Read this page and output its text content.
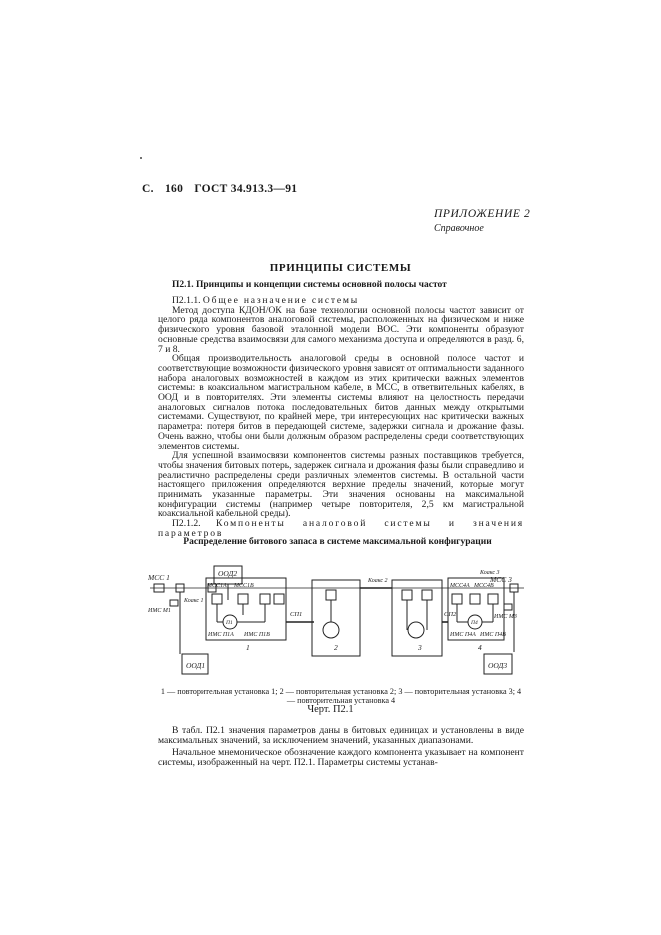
С. 160 ГОСТ 34.913.3—91
ПРИЛОЖЕНИЕ 2
Справочное
ПРИНЦИПЫ СИСТЕМЫ
П2.1. Принципы и концепции системы основной полосы частот

П2.1.1. Общее назначение системы

Метод доступа КДОН/ОК на базе технологии основной полосы частот зависит от целого ряда компонентов аналоговой системы, расположенных на физическом и ниже физического уровня базовой эталонной модели ВОС. Эти компоненты образуют основные средства взаимосвязи для самого механизма доступа и определяются в разд. 6, 7 и 8.

Общая производительность аналоговой среды в основной полосе частот и соответствующие возможности физического уровня зависят от оптимальности заданного набора аналоговых возможностей в каждом из этих критически важных элементов системы: в коаксиальном магистральном кабеле, в МСС, в ответвительных кабелях, в ООД и в повторителях. Эти элементы системы влияют на целостность передачи аналоговых сигналов потока последовательных битов данных между открытыми системами. Существуют, по крайней мере, три интересующих нас критически важных параметра: потеря битов в передающей системе, задержки сигнала и дрожание фазы. Очень важно, чтобы они были должным образом распределены среди соответствующих элементов системы.

Для успешной взаимосвязи компонентов системы разных поставщиков требуется, чтобы значения битовых потерь, задержек сигнала и дрожания фазы были справедливо и реалистично распределены среди различных элементов системы. В остальной части настоящего приложения определяются верхние пределы значений, которые могут принимать указанные параметры. Эти значения основаны на максимальной конфигурации системы (например четыре повторителя, 2,5 км магистральной коаксиальной кабельной среды).

П2.1.2. Компоненты аналоговой системы и значения параметров

Распределение битового запаса в системе максимальной конфигурации
ООД2
ООД1	ООД3
МСС 1	МСС 3
МСС1А МСС1В	МСС4А МСС4В
ИМС М1
ИМС М3
ИМС П1А ИМС П1В	ИМС П4А ИМС П4В
Коакс 1
Коакс 2
Коакс 3
СП1	СП2
П1	П4
1	2	3	4
1 — повторительная установка 1; 2 — повторительная установка 2; 3 — повторительная установка 3; 4 — повторительная установка 4
Черт. П2.1

В табл. П2.1 значения параметров даны в битовых единицах и установлены в виде максимальных значений, за исключением значений, указанных диапазонами.

Начальное мнемоническое обозначение каждого компонента указывает на компонент системы, изображенный на черт. П2.1. Параметры системы устанав-
